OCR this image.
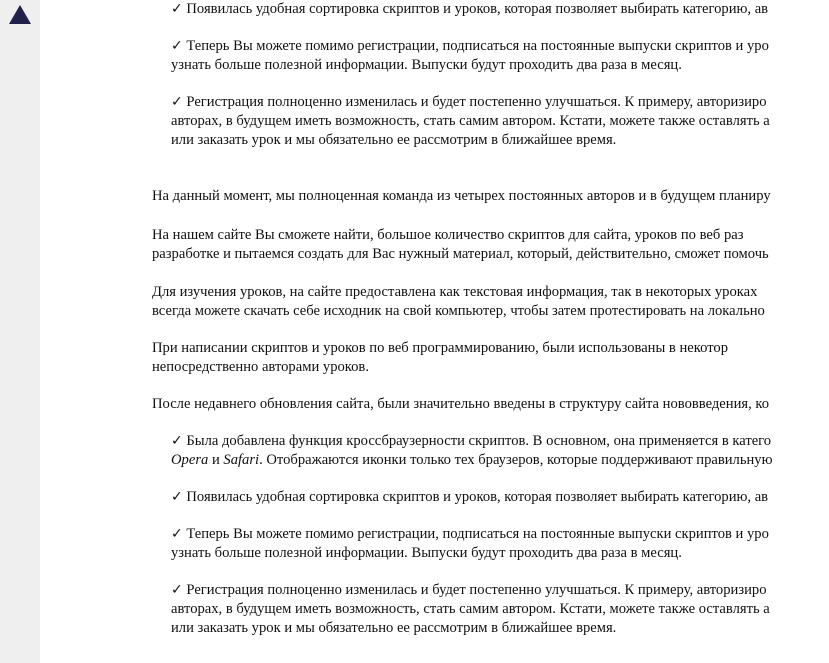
✓ Появилась удобная сортировка скриптов и уроков, которая позволяет выбирать категорию, ав
✓ Теперь Вы можете помимо регистрации, подписаться на постоянные выпуски скриптов и уро
узнать больше полезной информации. Выпуски будут проходить два раза в месяц.
✓ Регистрация полноценно изменилась и будет постепенно улучшаться. К примеру, авторизиро
авторах, в будущем иметь возможность, стать самим автором. Кстати, можете также оставлять а
или заказать урок и мы обязательно ее рассмотрим в ближайшее время.
На данный момент, мы полноценная команда из четырех постоянных авторов и в будущем планиру
На нашем сайте Вы сможете найти, большое количество скриптов для сайта, уроков по веб раз
разработке и пытаемся создать для Вас нужный материал, который, действительно, сможет помочь
Для изучения уроков, на сайте предоставлена как текстовая информация, так в некоторых уроках
всегда можете скачать себе исходник на свой компьютер, чтобы затем протестировать на локально
При написании скриптов и уроков по веб программированию, были использованы в некотор
непосредственно авторами уроков.
После недавнего обновления сайта, были значительно введены в структуру сайта нововведения, ко
✓ Была добавлена функция кроссбраузерности скриптов. В основном, она применяется в катего
Opera и Safari. Отображаются иконки только тех браузеров, которые поддерживают правильную
✓ Появилась удобная сортировка скриптов и уроков, которая позволяет выбирать категорию, ав
✓ Теперь Вы можете помимо регистрации, подписаться на постоянные выпуски скриптов и уро
узнать больше полезной информации. Выпуски будут проходить два раза в месяц.
✓ Регистрация полноценно изменилась и будет постепенно улучшаться. К примеру, авторизиро
авторах, в будущем иметь возможность, стать самим автором. Кстати, можете также оставлять а
или заказать урок и мы обязательно ее рассмотрим в ближайшее время.
